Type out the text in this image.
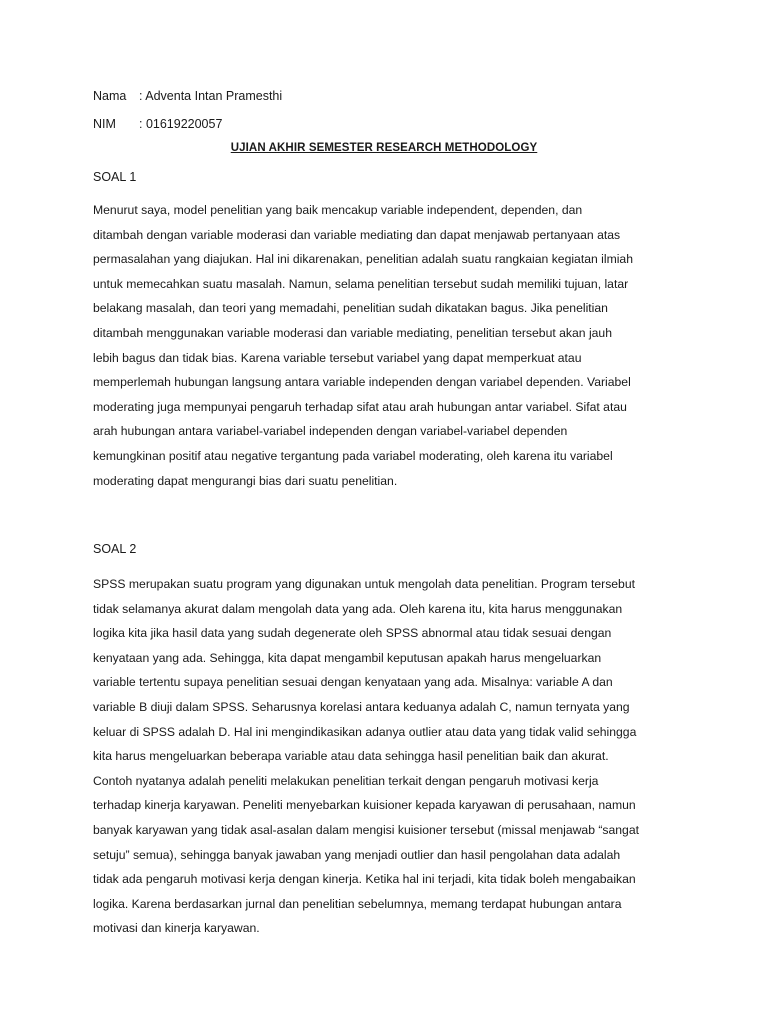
Nama : Adventa Intan Pramesthi
NIM : 01619220057
UJIAN AKHIR SEMESTER RESEARCH METHODOLOGY
SOAL 1
Menurut saya, model penelitian yang baik mencakup variable independent, dependen, dan
ditambah dengan variable moderasi dan variable mediating dan dapat menjawab pertanyaan atas
permasalahan yang diajukan. Hal ini dikarenakan, penelitian adalah suatu rangkaian kegiatan ilmiah
untuk memecahkan suatu masalah. Namun, selama penelitian tersebut sudah memiliki tujuan, latar
belakang masalah, dan teori yang memadahi, penelitian sudah dikatakan bagus. Jika penelitian
ditambah menggunakan variable moderasi dan variable mediating, penelitian tersebut akan jauh
lebih bagus dan tidak bias. Karena variable tersebut variabel yang dapat memperkuat atau
memperlemah hubungan langsung antara variable independen dengan variabel dependen. Variabel
moderating juga mempunyai pengaruh terhadap sifat atau arah hubungan antar variabel. Sifat atau
arah hubungan antara variabel-variabel independen dengan variabel-variabel dependen
kemungkinan positif atau negative tergantung pada variabel moderating, oleh karena itu variabel
moderating dapat mengurangi bias dari suatu penelitian.
SOAL 2
SPSS merupakan suatu program yang digunakan untuk mengolah data penelitian. Program tersebut
tidak selamanya akurat dalam mengolah data yang ada. Oleh karena itu, kita harus menggunakan
logika kita jika hasil data yang sudah degenerate oleh SPSS abnormal atau tidak sesuai dengan
kenyataan yang ada. Sehingga, kita dapat mengambil keputusan apakah harus mengeluarkan
variable tertentu supaya penelitian sesuai dengan kenyataan yang ada. Misalnya: variable A dan
variable B diuji dalam SPSS. Seharusnya korelasi antara keduanya adalah C, namun ternyata yang
keluar di SPSS adalah D. Hal ini mengindikasikan adanya outlier atau data yang tidak valid sehingga
kita harus mengeluarkan beberapa variable atau data sehingga hasil penelitian baik dan akurat.
Contoh nyatanya adalah peneliti melakukan penelitian terkait dengan pengaruh motivasi kerja
terhadap kinerja karyawan. Peneliti menyebarkan kuisioner kepada karyawan di perusahaan, namun
banyak karyawan yang tidak asal-asalan dalam mengisi kuisioner tersebut (missal menjawab “sangat
setuju” semua), sehingga banyak jawaban yang menjadi outlier dan hasil pengolahan data adalah
tidak ada pengaruh motivasi kerja dengan kinerja. Ketika hal ini terjadi, kita tidak boleh mengabaikan
logika. Karena berdasarkan jurnal dan penelitian sebelumnya, memang terdapat hubungan antara
motivasi dan kinerja karyawan.
